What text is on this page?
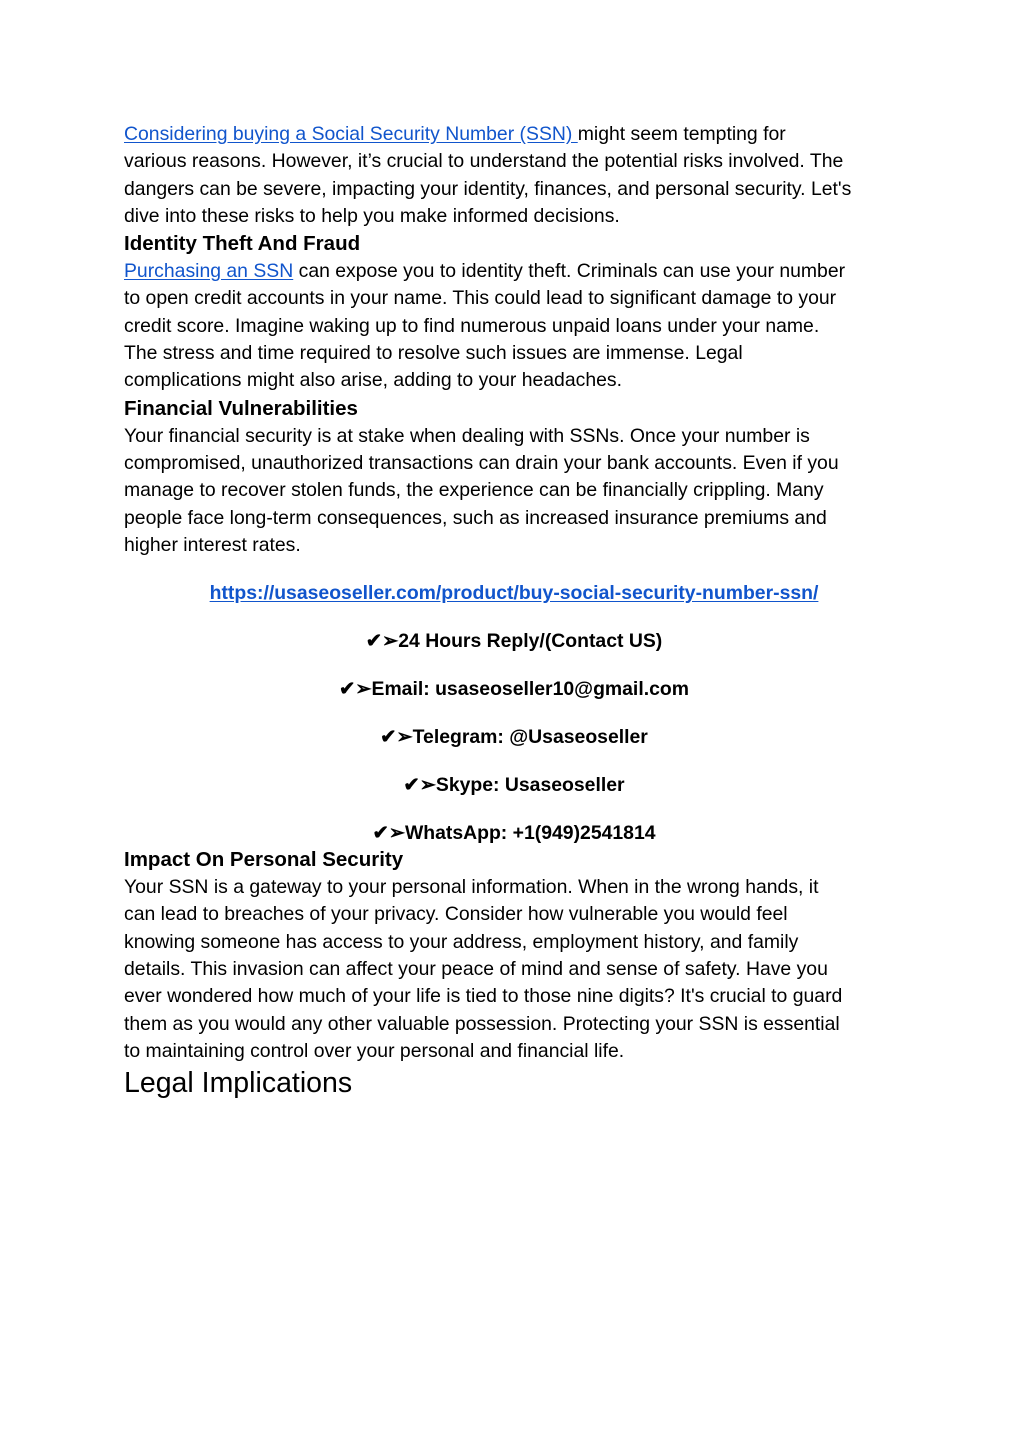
Considering buying a Social Security Number (SSN) might seem tempting for
various reasons. However, it’s crucial to understand the potential risks involved. The
dangers can be severe, impacting your identity, finances, and personal security. Let's
dive into these risks to help you make informed decisions.

Identity Theft And Fraud

Purchasing an SSN can expose you to identity theft. Criminals can use your number
to open credit accounts in your name. This could lead to significant damage to your
credit score. Imagine waking up to find numerous unpaid loans under your name.
The stress and time required to resolve such issues are immense. Legal
complications might also arise, adding to your headaches.

Financial Vulnerabilities

Your financial security is at stake when dealing with SSNs. Once your number is
compromised, unauthorized transactions can drain your bank accounts. Even if you
manage to recover stolen funds, the experience can be financially crippling. Many
people face long-term consequences, such as increased insurance premiums and
higher interest rates.

https://usaseoseller.com/product/buy-social-security-number-ssn/

✔➢24 Hours Reply/(Contact US)

✔➢Email: usaseoseller10@gmail.com

✔➢Telegram: @Usaseoseller

✔➢Skype: Usaseoseller

✔➢WhatsApp: +1(949)2541814

Impact On Personal Security

Your SSN is a gateway to your personal information. When in the wrong hands, it
can lead to breaches of your privacy. Consider how vulnerable you would feel
knowing someone has access to your address, employment history, and family
details. This invasion can affect your peace of mind and sense of safety. Have you
ever wondered how much of your life is tied to those nine digits? It's crucial to guard
them as you would any other valuable possession. Protecting your SSN is essential
to maintaining control over your personal and financial life.

Legal Implications
